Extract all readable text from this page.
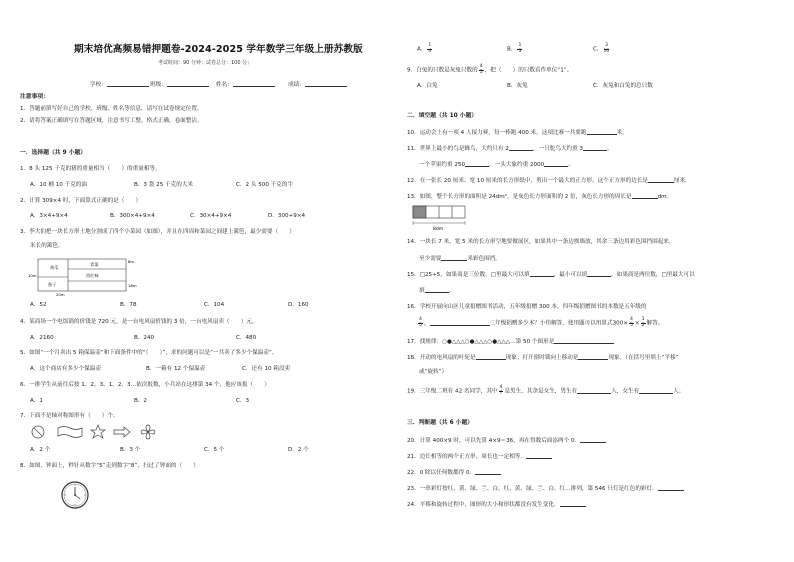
期末培优高频易错押题卷-2024-2025 学年数学三年级上册苏教版
考试时间：90 分钟；试卷总分：100 分；
学校：	班级：	姓名：	成绩：
注意事项：
1．答题前填写好自己的学校、班级、姓名等信息，请写在试卷规定位置。
2．请将答案正确填写在答题区域，注意书写工整，格式正确，卷面整洁。
一．选择题（共 9 小题）
1．8 头 125 千克的猪的重量相当（　　）的重量相等。
A．10 桶 10 千克的油	B．3 袋 25 千克的大米	C．2 头 500 千克的牛
2．计算 309×4 时，下面算式正确的是（　　）
A．3×4+9×4	B．300×4+9×4	C．30×4+9×4	D．300+9×4
3．李大伯把一块长方形土地分割成了四个小菜园（如图），并且在四周和菜园之间建上篱笆，最少需要（　　）
米长的篱笆。
黄瓜
青菜
茄子
西红柿
10m
8m
20m
18m
A．52	B．78	C．104	D．160
4．某商场一个电饭锅的价钱是 720 元，是一台电风扇价钱的 3 倍，一台电风扇卖（　　）元。
A．2160	B．240	C．480
5．如图“一个月卖出 5 箱保温壶”和下面条件中的“（　　）”，求的问题可以是“一共卖了多少个保温壶”。
A．这个商店有多少个保温壶	B．一箱有 12 个保温壶	C．还有 10 箱没卖
6．一排学生从前往后按 1、2、3、1、2、3…依次报数，小兵站在这排第 34 个，他应该报（　　）
A．1	B．2	C．3
7．下面不是轴对称图形有（　　）个。
A．2 个	B．3 个	C．5 个	D．2 个
8．如图，钟面上，秒针从数字“5”走到数字“8”，扫过了钟面的（　　）
A． $\frac{1}{4}$	B． $\frac{1}{3}$	C． $\frac{3}{10}$
9．白兔的只数是灰兔只数的 $\frac{4}{5}$ ，把（　　）的只数看作单位“1”。
A．白兔	B．灰兔	C．灰兔和白兔的总只数
二．填空题（共 10 小题）
10．运动会上有一项 4 人接力赛，每一棒跑 400 米，这项比赛一共要跑	米。
11．世界上最小的鸟是蜂鸟，大约只有 2	，一只鸵鸟大约重 3	。
一个苹果约重 250	，一头大象约重 2000	。
12．在一张长 20 厘米、宽 10 厘米的长方形纸中，剪出一个最大的正方形，这个正方形的边长是	厘米。
13．如图，整个长方形的面积是 24dm²，是灰色长方形面积的 2 倍，灰色长方形的周长是	dm。
8dm
14．一块长 7 米，宽 5 米的长方形空地要做展区，如果其中一条边挨墙放，其余三条边用彩色围挡围起来，
至少需要	米彩色围挡。
15．□25÷5，如果商是三位数，□里最大可以填	，最小可以填	。如果商是两位数，□里最大可以
填	。
16．学校开展向山区儿童捐赠图书活动，五年级捐赠 300 本，四年级捐赠图书的本数是五年级的
$\frac{4}{5}$ ，	三年级捐赠多少本？小伟解答，使用题可以用算式$300\times \frac{4}{5} \times \frac{1}{2}$ 解答。
17．找规律：○●△△△○●△△△○●△△△…第 50 个图形是
18．开动的电风扇的叶轮是	现象；打开窗时锁向上移动是	现象。（在括号里填上“平移”
或“旋转”）
19．三年级二班有 42 名同学，其中 $\frac{4}{7}$ 是男生，其余是女生，男生有	人，女生有	人。
三．判断题（共 6 小题）
20．计算 400×9 时，可以先算 4×9＝36，再在得数后面添两个 0．
21．边长相等的两个正方形，周长也一定相等．
22．0 除以任何数都得 0．
23．一串彩灯按红、黄、绿、兰、白、红、黄、绿、兰、白、红…排列，第 546 只灯是红色的彩灯．
24．平移和旋转过程中，图形的大小和形状都没有发生变化．
